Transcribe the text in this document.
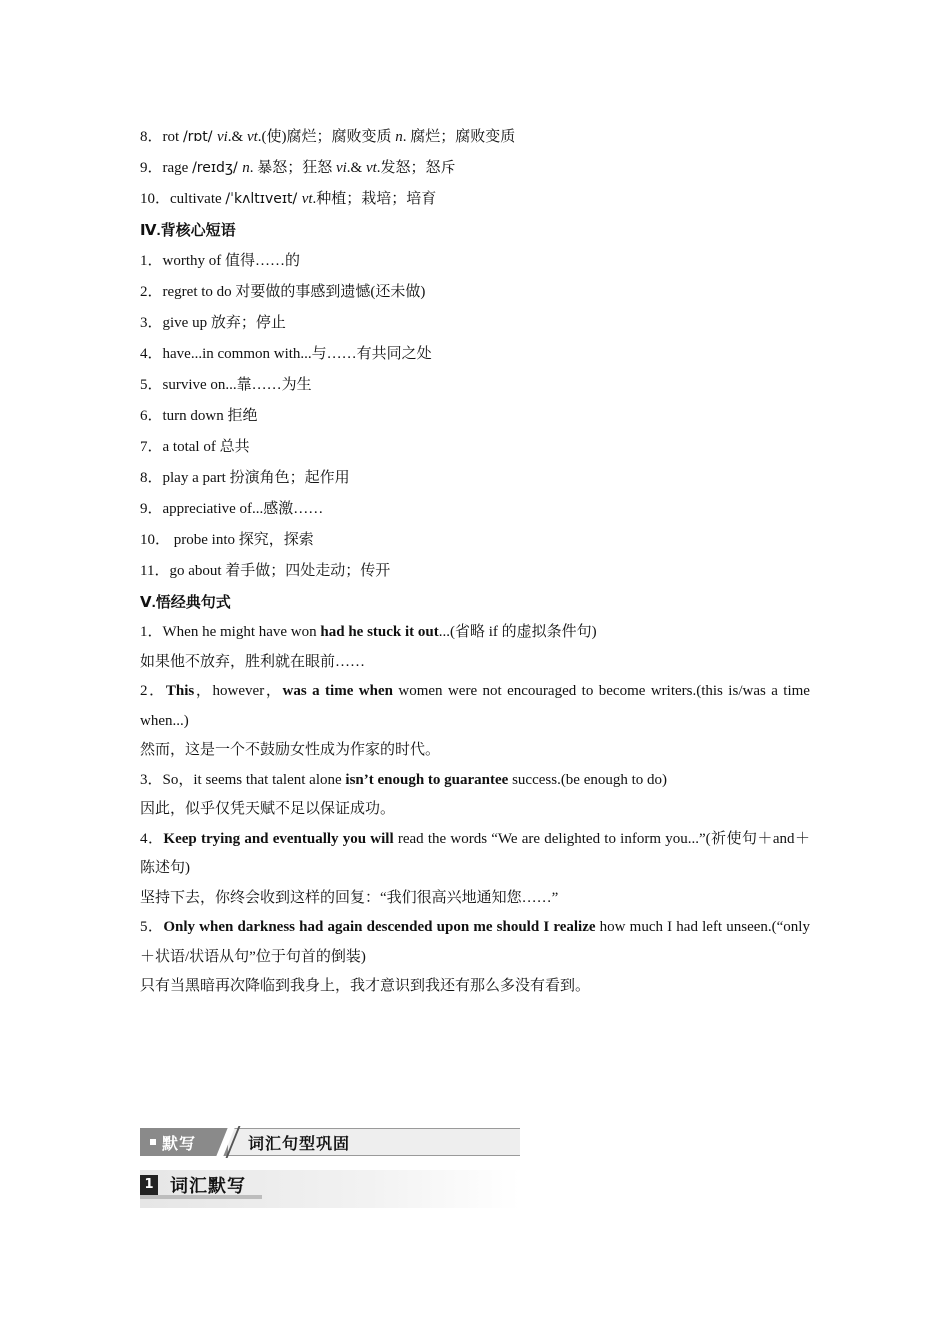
8．rot /rɒt/ vi.& vt.(使)腐烂；腐败变质 n. 腐烂；腐败变质
9．rage /reɪdʒ/ n. 暴怒；狂怒 vi.& vt.发怒；怒斥
10．cultivate /ˈkʌltɪveɪt/ vt.种植；栽培；培育
Ⅳ.背核心短语
1．worthy of 值得……的
2．regret to do 对要做的事感到遗憾(还未做)
3．give up 放弃；停止
4．have...in common with...与……有共同之处
5．survive on...靠……为生
6．turn down 拒绝
7．a total of 总共
8．play a part 扮演角色；起作用
9．appreciative of...感激……
10． probe into 探究，探索
11．go about 着手做；四处走动；传开
Ⅴ.悟经典句式
1．When he might have won had he stuck it out...(省略 if 的虚拟条件句)
如果他不放弃，胜利就在眼前……
2．This，however，was a time when women were not encouraged to become writers.(this is/was a time when...)
然而，这是一个不鼓励女性成为作家的时代。
3．So，it seems that talent alone isn’t enough to guarantee success.(be enough to do)
因此，似乎仅凭天赋不足以保证成功。
4．Keep trying and eventually you will read the words “We are delighted to inform you...”(祈使句＋and＋陈述句)
坚持下去，你终会收到这样的回复：“我们很高兴地通知您……”
5．Only when darkness had again descended upon me should I realize how much I had left unseen.(“only＋状语/状语从句”位于句首的倒装)
只有当黑暗再次降临到我身上，我才意识到我还有那么多没有看到。
默写	词汇句型巩固
1 词汇默写
